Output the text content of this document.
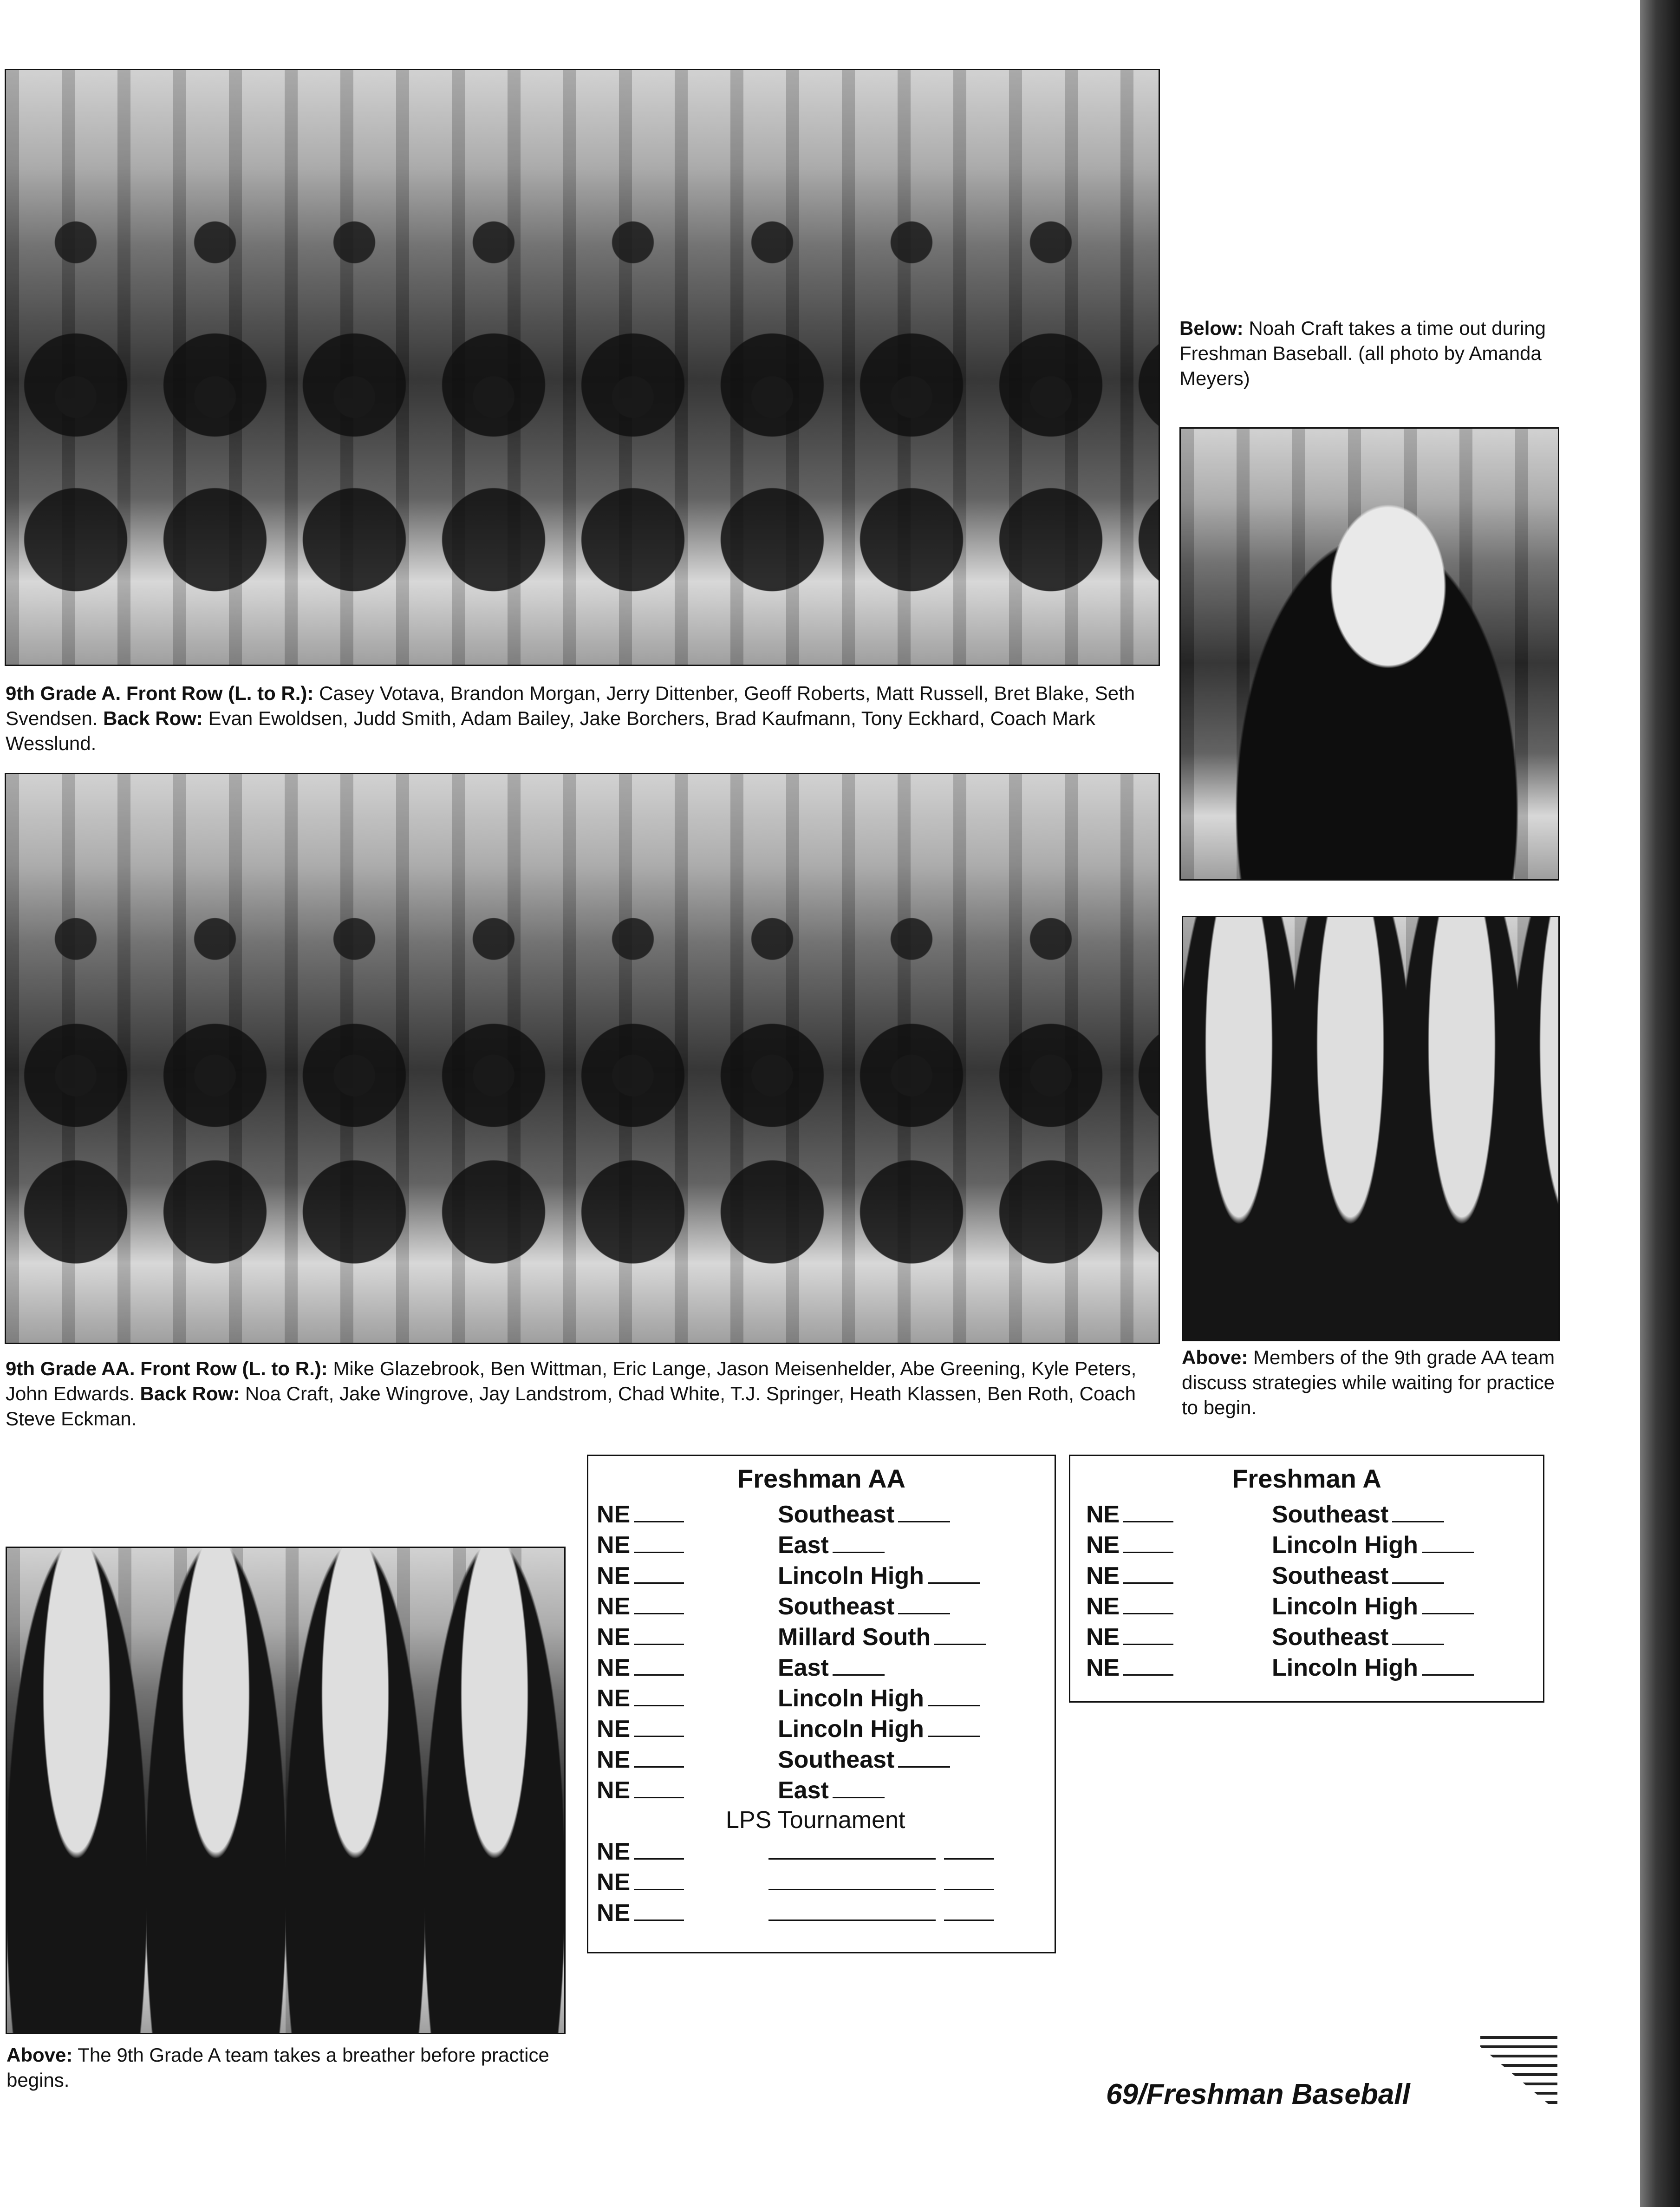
9th Grade A. Front Row (L. to R.): Casey Votava, Brandon Morgan, Jerry Dittenber, Geoff Roberts, Matt Russell, Bret Blake, Seth Svendsen. Back Row: Evan Ewoldsen, Judd Smith, Adam Bailey, Jake Borchers, Brad Kaufmann, Tony Eckhard, Coach Mark Wesslund.
9th Grade AA. Front Row (L. to R.): Mike Glazebrook, Ben Wittman, Eric Lange, Jason Meisenhelder, Abe Greening, Kyle Peters, John Edwards. Back Row: Noa Craft, Jake Wingrove, Jay Landstrom, Chad White, T.J. Springer, Heath Klassen, Ben Roth, Coach Steve Eckman.
Below: Noah Craft takes a time out during Freshman Baseball. (all photo by Amanda Meyers)
Above: Members of the 9th grade AA team discuss strategies while waiting for practice to begin.
Above: The 9th Grade A team takes a breather before practice begins.
Freshman AA
NE	Southeast
NE	East
NE	Lincoln High
NE	Southeast
NE	Millard South
NE	East
NE	Lincoln High
NE	Lincoln High
NE	Southeast
NE	East
LPS Tournament
NE
NE
NE
Freshman A
NE	Southeast
NE	Lincoln High
NE	Southeast
NE	Lincoln High
NE	Southeast
NE	Lincoln High
69/Freshman Baseball
